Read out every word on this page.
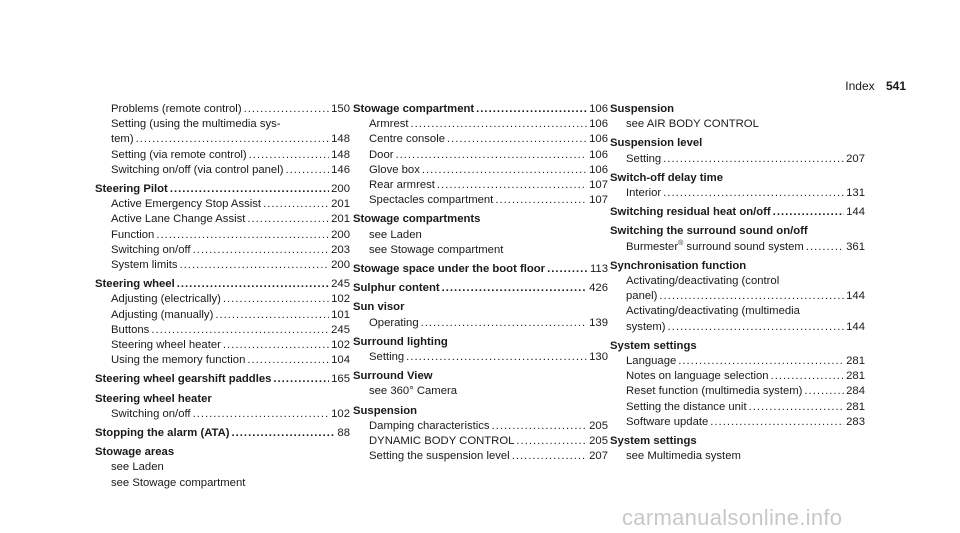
Index 541
Problems (remote control) .....	150
Setting (using the multimedia sys-
tem) .....	148
Setting (via remote control) .....	148
Switching on/off (via control panel) .....	146
Steering Pilot .....	200
Active Emergency Stop Assist .....	201
Active Lane Change Assist .....	201
Function .....	200
Switching on/off .....	203
System limits .....	200
Steering wheel .....	245
Adjusting (electrically) .....	102
Adjusting (manually) .....	101
Buttons .....	245
Steering wheel heater .....	102
Using the memory function .....	104
Steering wheel gearshift paddles .....	165
Steering wheel heater
Switching on/off .....	102
Stopping the alarm (ATA) .....	88
Stowage areas
see Laden
see Stowage compartment
Stowage compartment .....	106
Armrest .....	106
Centre console .....	106
Door .....	106
Glove box .....	106
Rear armrest .....	107
Spectacles compartment .....	107
Stowage compartments
see Laden
see Stowage compartment
Stowage space under the boot floor .....	113
Sulphur content .....	426
Sun visor
Operating .....	139
Surround lighting
Setting .....	130
Surround View
see 360° Camera
Suspension
Damping characteristics .....	205
DYNAMIC BODY CONTROL .....	205
Setting the suspension level .....	207
Suspension
see AIR BODY CONTROL
Suspension level
Setting .....	207
Switch-off delay time
Interior .....	131
Switching residual heat on/off .....	144
Switching the surround sound on/off
Burmester® surround sound system .....	361
Synchronisation function
Activating/deactivating (control
panel) .....	144
Activating/deactivating (multimedia
system) .....	144
System settings
Language .....	281
Notes on language selection .....	281
Reset function (multimedia system) .....	284
Setting the distance unit .....	281
Software update .....	283
System settings
see Multimedia system
carmanualsonline.info
